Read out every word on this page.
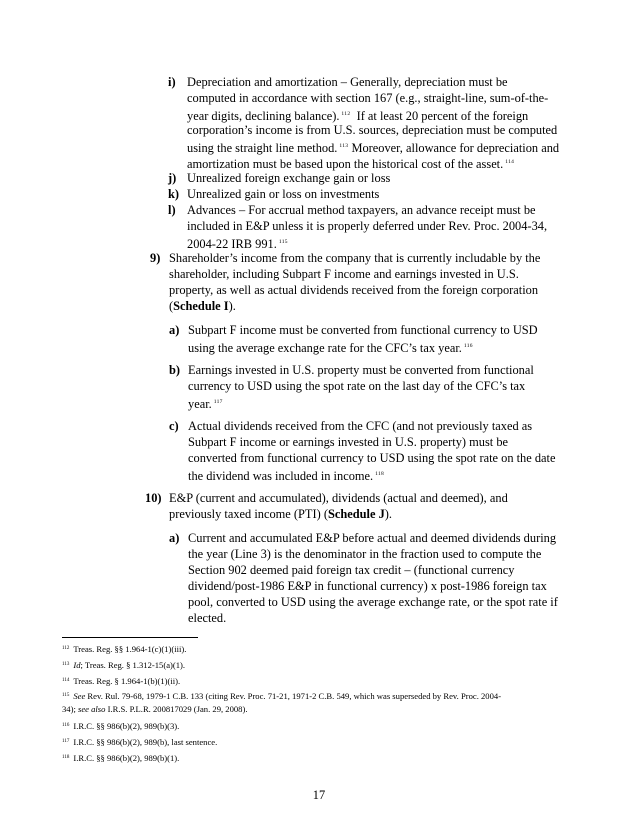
i) Depreciation and amortization – Generally, depreciation must be
computed in accordance with section 167 (e.g., straight-line, sum-of-the-
year digits, declining balance). $^{112}$ If at least 20 percent of the foreign
corporation’s income is from U.S. sources, depreciation must be computed
using the straight line method. $^{113}$ Moreover, allowance for depreciation and
amortization must be based upon the historical cost of the asset. $^{114}$
j) Unrealized foreign exchange gain or loss
k) Unrealized gain or loss on investments
l) Advances – For accrual method taxpayers, an advance receipt must be
included in E&P unless it is properly deferred under Rev. Proc. 2004-34,
2004-22 IRB 991. $^{115}$
9) Shareholder’s income from the company that is currently includable by the
shareholder, including Subpart F income and earnings invested in U.S.
property, as well as actual dividends received from the foreign corporation
(Schedule I).
a) Subpart F income must be converted from functional currency to USD
using the average exchange rate for the CFC’s tax year. $^{116}$
b) Earnings invested in U.S. property must be converted from functional
currency to USD using the spot rate on the last day of the CFC’s tax
year. $^{117}$
c) Actual dividends received from the CFC (and not previously taxed as
Subpart F income or earnings invested in U.S. property) must be
converted from functional currency to USD using the spot rate on the date
the dividend was included in income. $^{118}$
10) E&P (current and accumulated), dividends (actual and deemed), and
previously taxed income (PTI) (Schedule J).
a) Current and accumulated E&P before actual and deemed dividends during
the year (Line 3) is the denominator in the fraction used to compute the
Section 902 deemed paid foreign tax credit – (functional currency
dividend/post-1986 E&P in functional currency) x post-1986 foreign tax
pool, converted to USD using the average exchange rate, or the spot rate if
elected.
$^{112}$ Treas. Reg. §§ 1.964-1(c)(1)(iii).
$^{113}$ Id; Treas. Reg. § 1.312-15(a)(1).
$^{114}$ Treas. Reg. § 1.964-1(b)(1)(ii).
$^{115}$ See Rev. Rul. 79-68, 1979-1 C.B. 133 (citing Rev. Proc. 71-21, 1971-2 C.B. 549, which was superseded by Rev. Proc. 2004-
34); see also I.R.S. P.L.R. 200817029 (Jan. 29, 2008).
$^{116}$ I.R.C. §§ 986(b)(2), 989(b)(3).
$^{117}$ I.R.C. §§ 986(b)(2), 989(b), last sentence.
$^{118}$ I.R.C. §§ 986(b)(2), 989(b)(1).
17
